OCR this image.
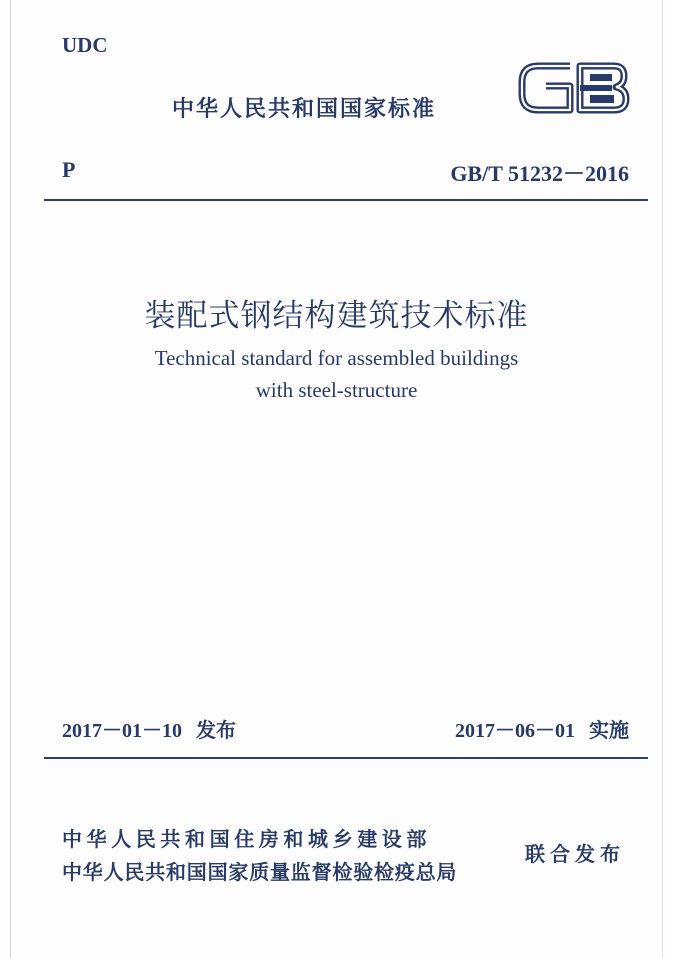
UDC
中华人民共和国国家标准
P	GB/T 51232－2016
装配式钢结构建筑技术标准
Technical standard for assembled buildings
with steel-structure
2017－01－10 发布	2017－06－01 实施
中华人民共和国住房和城乡建设部
中华人民共和国国家质量监督检验检疫总局
联合发布
